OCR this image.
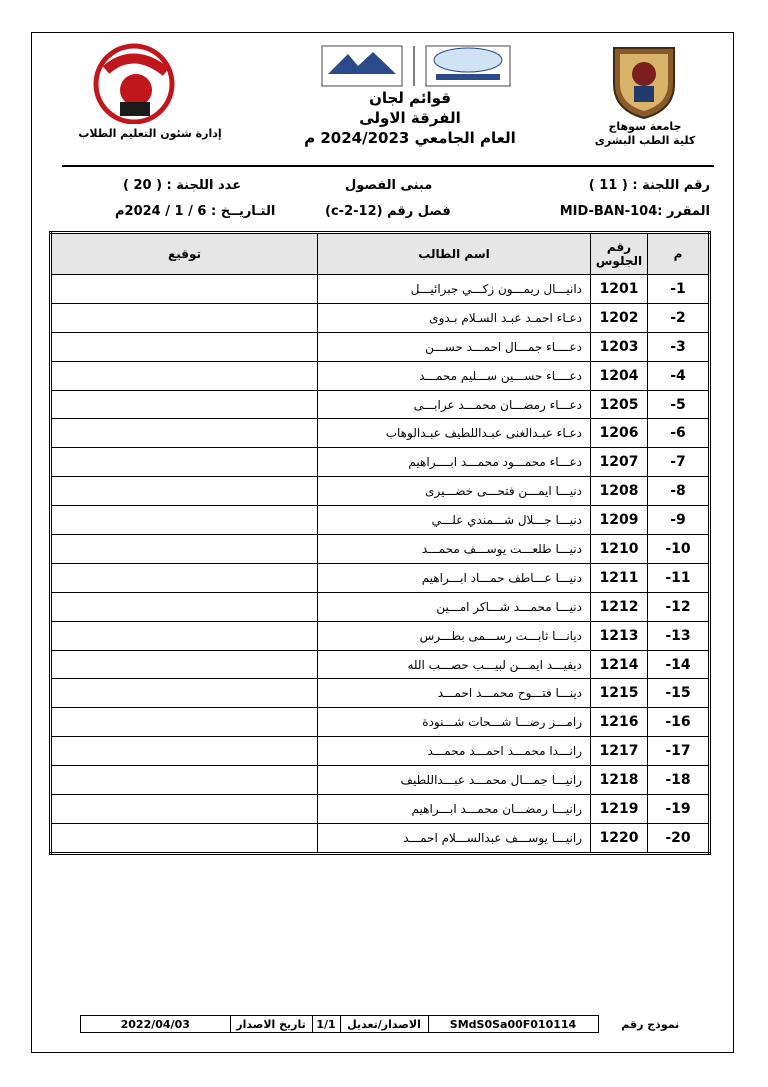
جامعة سوهاج
كلية الطب البشرى
إدارة شئون التعليم الطلاب
قوائم لجان
الفرقة الاولى
العام الجامعي 2024/2023 م
رقم اللجنة : ( 11 )
مبنى الفصول
عدد اللجنة : ( 20 )
المقرر :MID-BAN-104
فصل رقم (12-2-c)
التـاريــخ : 6 / 1 / 2024م
م	رقم الجلوس	اسم الطالب	توقيع
-1	1201	دانيـــال ريمـــون زكـــي جبرائيـــل	
-2	1202	دعـاء احمـد عبـد السـلام بـدوى	
-3	1203	دعــــاء جمـــال احمـــد حســـن	
-4	1204	دعــــاء حســـين ســـليم محمـــد	
-5	1205	دعـــاء رمضـــان محمـــد عرابـــى	
-6	1206	دعـاء عبـدالغنى عبـداللطيف عبـدالوهاب	
-7	1207	دعـــاء محمـــود محمـــد ابــــراهيم	
-8	1208	دنيـــا ايمـــن فتحـــى خضـــيرى	
-9	1209	دنيـــا جـــلال شـــمندي علـــي	
-10	1210	دنيـــا طلعـــت يوســـف محمـــد	
-11	1211	دنيـــا عـــاطف حمـــاد ابـــراهيم	
-12	1212	دنيـــا محمـــد شـــاكر امـــين	
-13	1213	ديانـــا ثابـــت رســـمى بطـــرس	
-14	1214	ديفيـــد ايمـــن لبيـــب حصـــب الله	
-15	1215	دينـــا فتـــوح محمـــد احمـــد	
-16	1216	رامـــز رضـــا شـــحات شـــنودة	
-17	1217	رانـــدا محمـــد احمـــد محمـــد	
-18	1218	رانيـــا جمـــال محمـــد عبـــداللطيف	
-19	1219	رانيـــا رمضـــان محمـــد ابـــراهيم	
-20	1220	رانيـــا يوســـف عبدالســـلام احمـــد	
نموذج رقم	SMdS0Sa00F010114	الاصدار/تعديل	1/1	تاريخ الاصدار	2022/04/03
